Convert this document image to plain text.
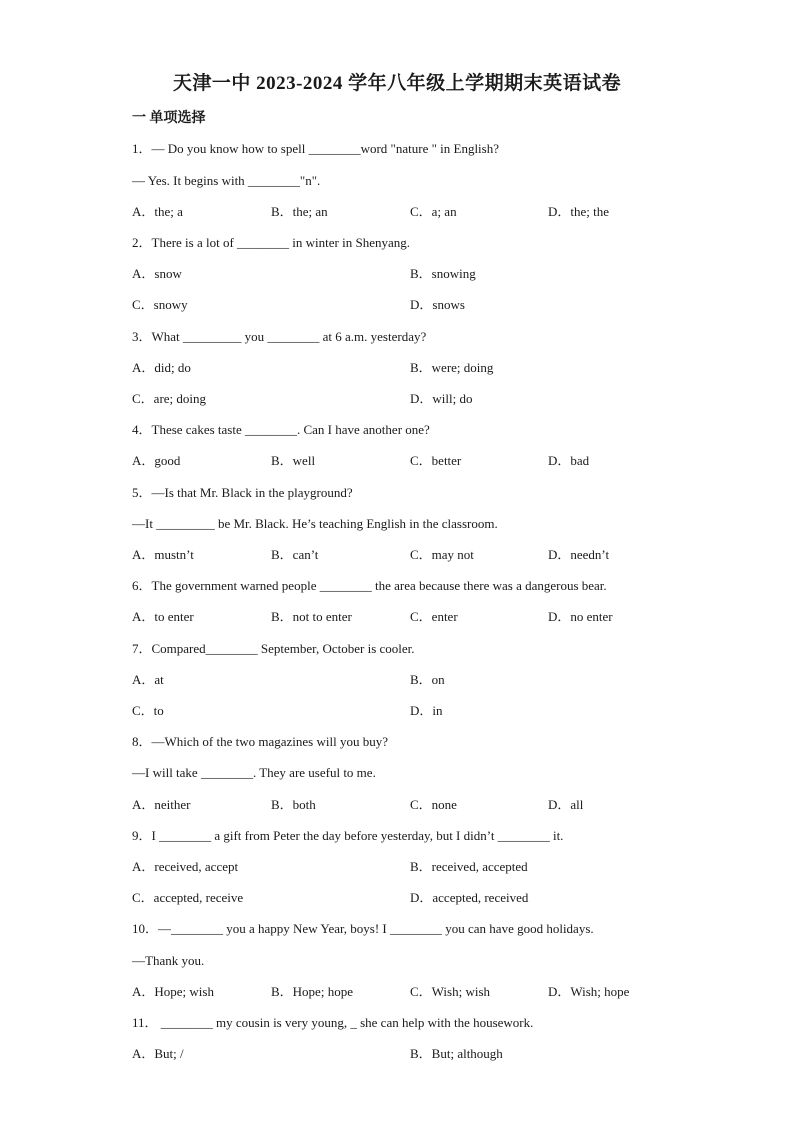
天津一中 2023-2024 学年八年级上学期期末英语试卷
一 单项选择
1．— Do you know how to spell ________word "nature " in English?
— Yes. It begins with ________"n".
A．the; a	B．the; an	C．a; an	D．the; the
2．There is a lot of ________ in winter in Shenyang.
A．snow	B．snowing
C．snowy	D．snows
3．What _________ you ________ at 6 a.m. yesterday?
A．did; do	B．were; doing
C．are; doing	D．will; do
4．These cakes taste ________. Can I have another one?
A．good	B．well	C．better	D．bad
5．—Is that Mr. Black in the playground?
—It _________ be Mr. Black. He’s teaching English in the classroom.
A．mustn’t	B．can’t	C．may not	D．needn’t
6．The government warned people ________ the area because there was a dangerous bear.
A．to enter	B．not to enter	C．enter	D．no enter
7．Compared________ September, October is cooler.
A．at	B．on
C．to	D．in
8．—Which of the two magazines will you buy?
—I will take ________. They are useful to me.
A．neither	B．both	C．none	D．all
9．I ________ a gift from Peter the day before yesterday, but I didn’t ________ it.
A．received, accept	B．received, accepted
C．accepted, receive	D．accepted, received
10．—________ you a happy New Year, boys! I ________ you can have good holidays.
—Thank you.
A．Hope; wish	B．Hope; hope	C．Wish; wish	D．Wish; hope
11． ________ my cousin is very young, _ she can help with the housework.
A．But; /	B．But; although
